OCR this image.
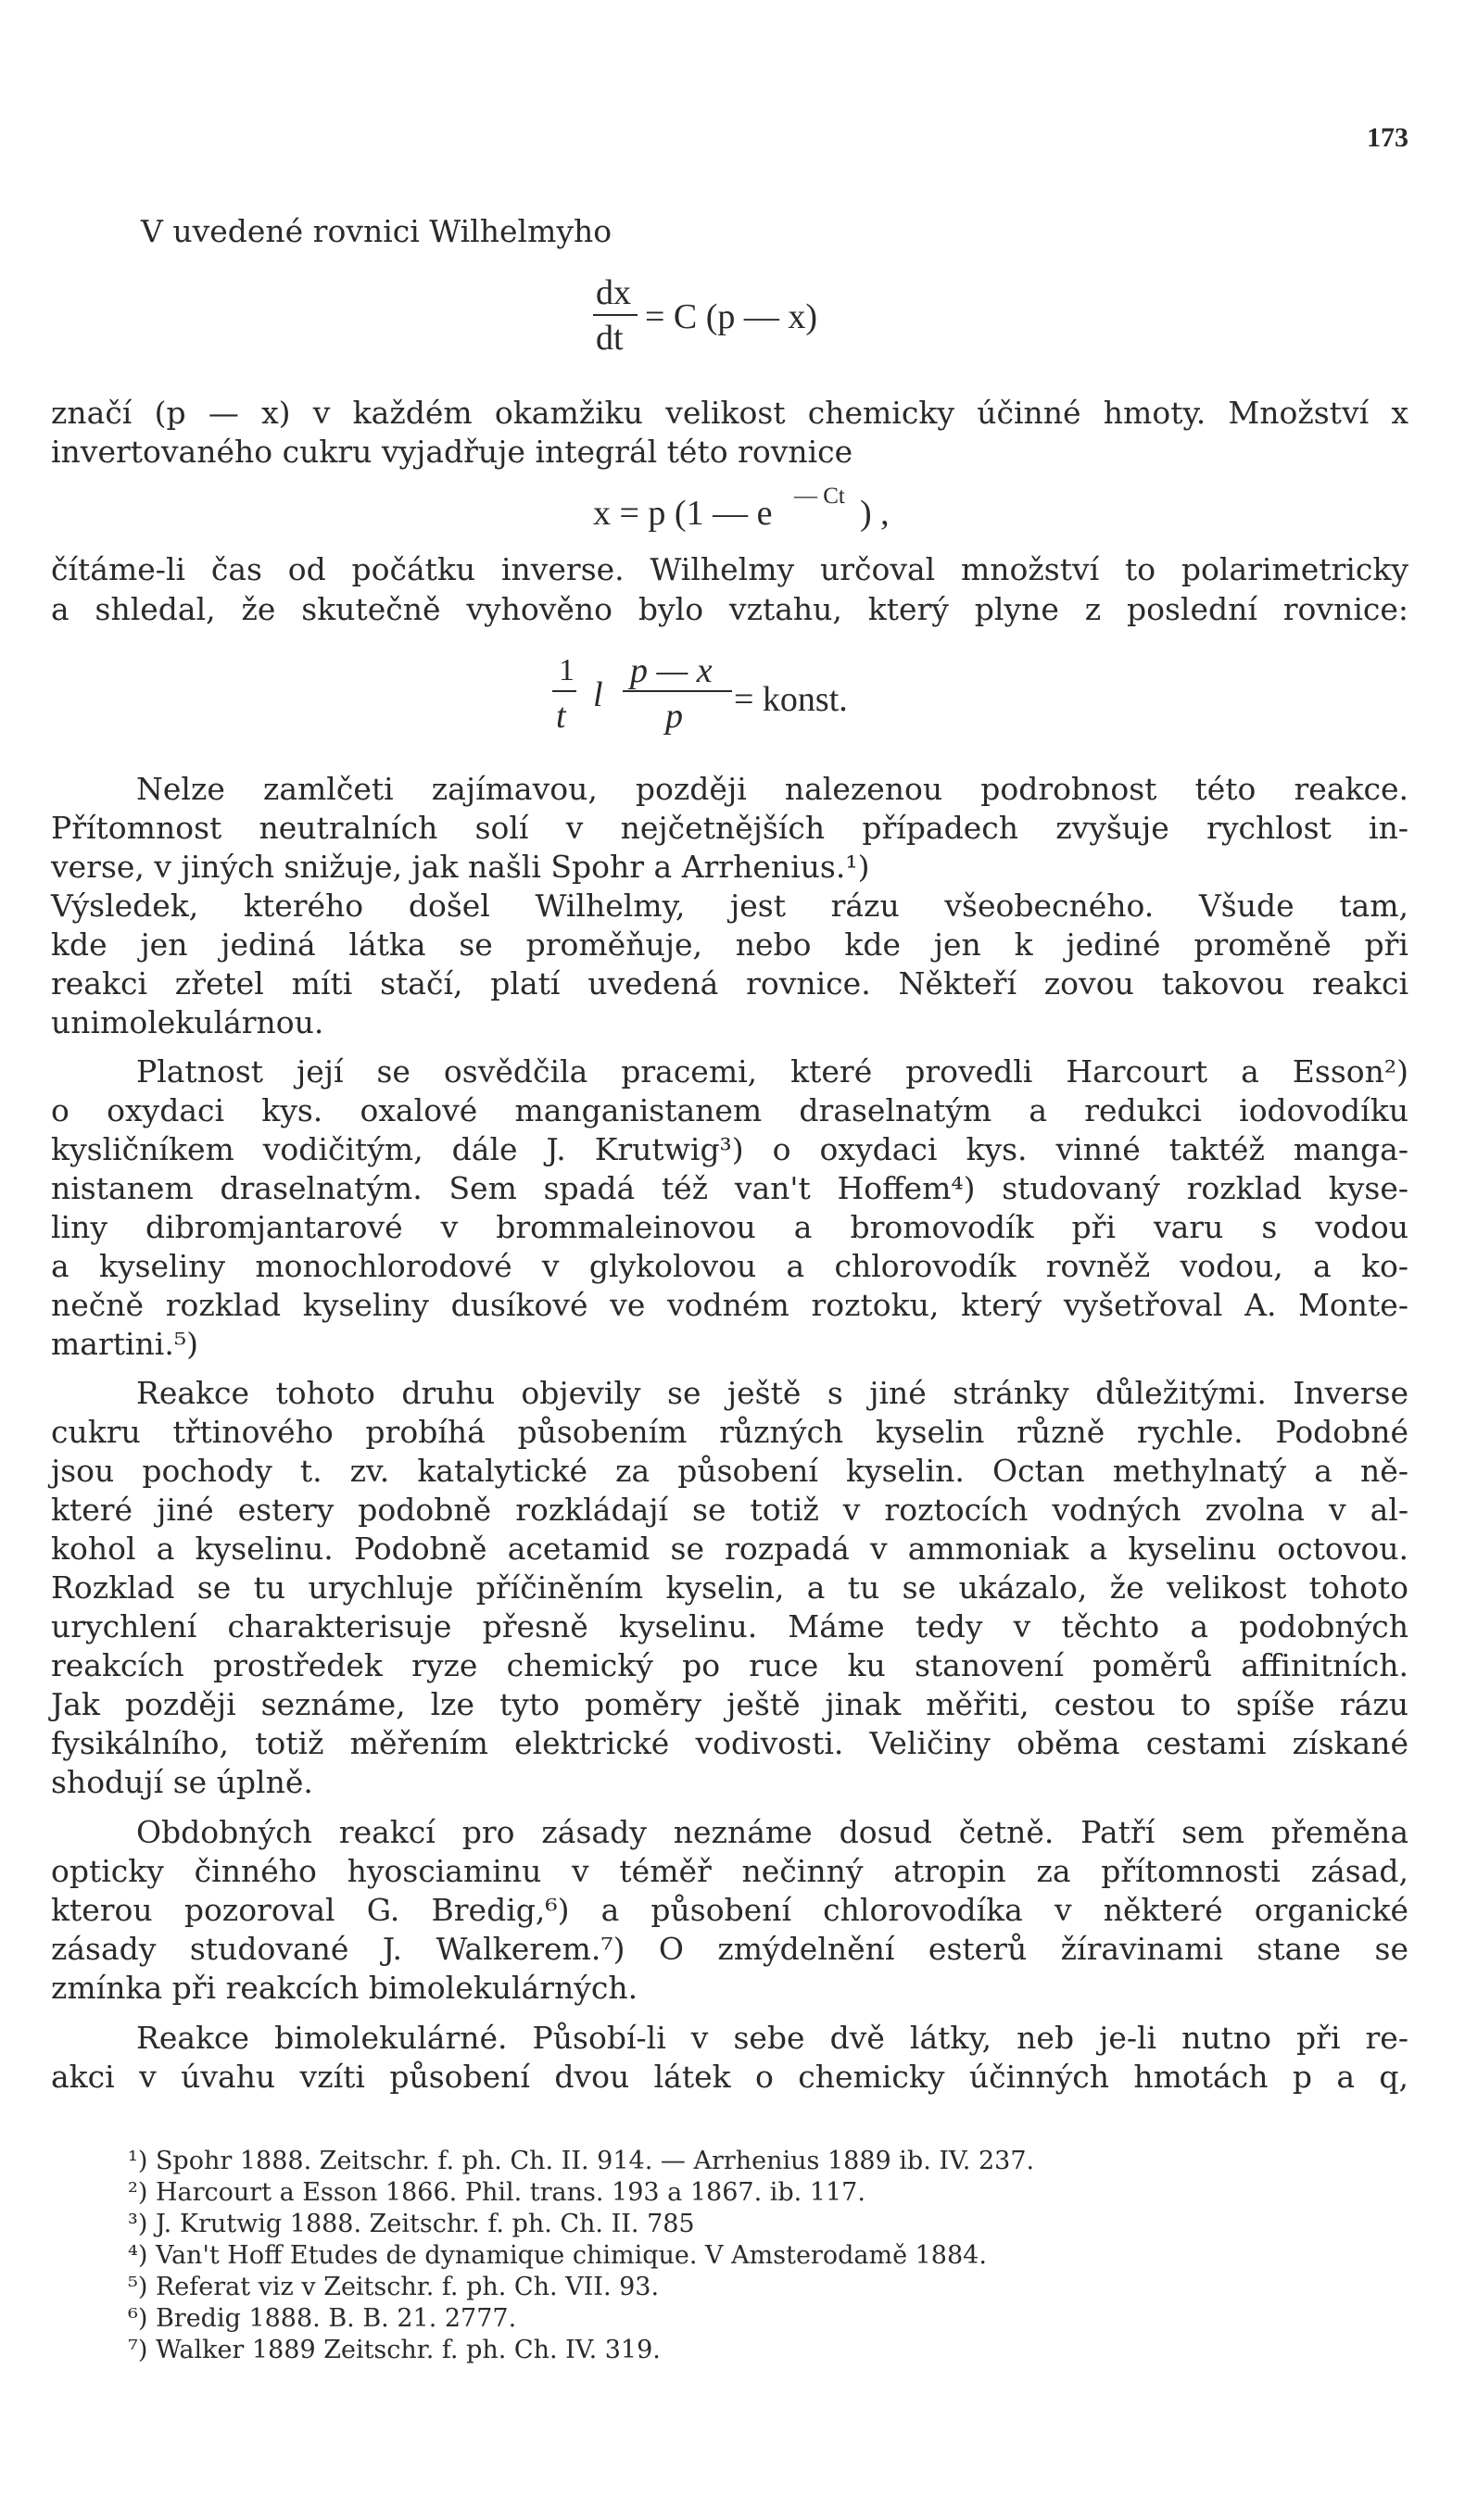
173
V uvedené rovnici Wilhelmyho
dx
dt
= C (p — x)
značí (p — x) v každém okamžiku velikost chemicky účinné hmoty. Množství x
invertovaného cukru vyjadřuje integrál této rovnice
x = p (1 — e — Ct ) ,
čítáme-li čas od počátku inverse. Wilhelmy určoval množství to polarimetricky
a shledal, že skutečně vyhověno bylo vztahu, který plyne z poslední rovnice:
1
t
l
p — x
p = konst.
Nelze zamlčeti zajímavou, později nalezenou podrobnost této reakce.
Přítomnost neutralních solí v nejčetnějších případech zvyšuje rychlost in-
verse, v jiných snižuje, jak našli Spohr a Arrhenius.¹)
Výsledek, kterého došel Wilhelmy, jest rázu všeobecného. Všude tam,
kde jen jediná látka se proměňuje, nebo kde jen k jediné proměně při
reakci zřetel míti stačí, platí uvedená rovnice. Někteří zovou takovou reakci
unimolekulárnou.
Platnost její se osvědčila pracemi, které provedli Harcourt a Esson²)
o oxydaci kys. oxalové manganistanem draselnatým a redukci iodovodíku
kysličníkem vodičitým, dále J. Krutwig³) o oxydaci kys. vinné taktéž manga-
nistanem draselnatým. Sem spadá též van't Hoffem⁴) studovaný rozklad kyse-
liny dibromjantarové v brommaleinovou a bromovodík při varu s vodou
a kyseliny monochlorodové v glykolovou a chlorovodík rovněž vodou, a ko-
nečně rozklad kyseliny dusíkové ve vodném roztoku, který vyšetřoval A. Monte-
martini.⁵)
Reakce tohoto druhu objevily se ještě s jiné stránky důležitými. Inverse
cukru třtinového probíhá působením různých kyselin různě rychle. Podobné
jsou pochody t. zv. katalytické za působení kyselin. Octan methylnatý a ně-
které jiné estery podobně rozkládají se totiž v roztocích vodných zvolna v al-
kohol a kyselinu. Podobně acetamid se rozpadá v ammoniak a kyselinu octovou.
Rozklad se tu urychluje příčiněním kyselin, a tu se ukázalo, že velikost tohoto
urychlení charakterisuje přesně kyselinu. Máme tedy v těchto a podobných
reakcích prostředek ryze chemický po ruce ku stanovení poměrů affinitních.
Jak později seznáme, lze tyto poměry ještě jinak měřiti, cestou to spíše rázu
fysikálního, totiž měřením elektrické vodivosti. Veličiny oběma cestami získané
shodují se úplně.
Obdobných reakcí pro zásady neznáme dosud četně. Patří sem přeměna
opticky činného hyosciaminu v téměř nečinný atropin za přítomnosti zásad,
kterou pozoroval G. Bredig,⁶) a působení chlorovodíka v některé organické
zásady studované J. Walkerem.⁷) O zmýdelnění esterů žíravinami stane se
zmínka při reakcích bimolekulárných.
Reakce bimolekulárné. Působí-li v sebe dvě látky, neb je-li nutno při re-
akci v úvahu vzíti působení dvou látek o chemicky účinných hmotách p a q,
¹) Spohr 1888. Zeitschr. f. ph. Ch. II. 914. — Arrhenius 1889 ib. IV. 237.
²) Harcourt a Esson 1866. Phil. trans. 193 a 1867. ib. 117.
³) J. Krutwig 1888. Zeitschr. f. ph. Ch. II. 785
⁴) Van't Hoff Etudes de dynamique chimique. V Amsterodamě 1884.
⁵) Referat viz v Zeitschr. f. ph. Ch. VII. 93.
⁶) Bredig 1888. B. B. 21. 2777.
⁷) Walker 1889 Zeitschr. f. ph. Ch. IV. 319.
